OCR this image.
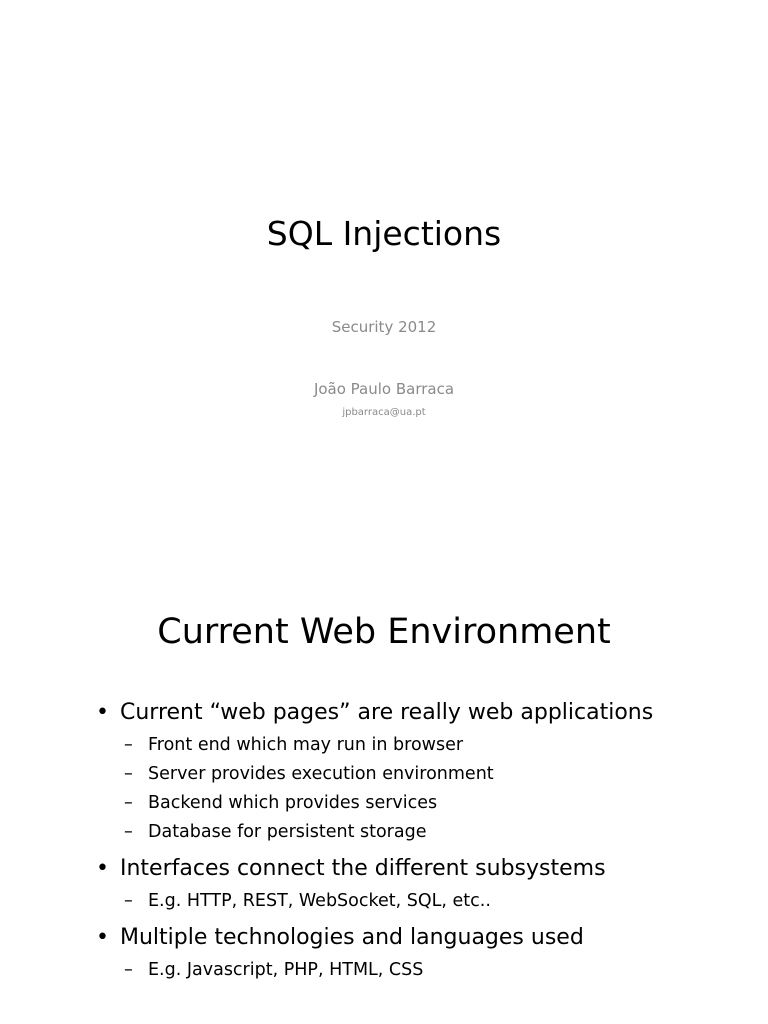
SQL Injections
Security 2012
João Paulo Barraca
jpbarraca@ua.pt
Current Web Environment
• Current “web pages” are really web applications
– Front end which may run in browser
– Server provides execution environment
– Backend which provides services
– Database for persistent storage
• Interfaces connect the different subsystems
– E.g. HTTP, REST, WebSocket, SQL, etc..
• Multiple technologies and languages used
– E.g. Javascript, PHP, HTML, CSS
